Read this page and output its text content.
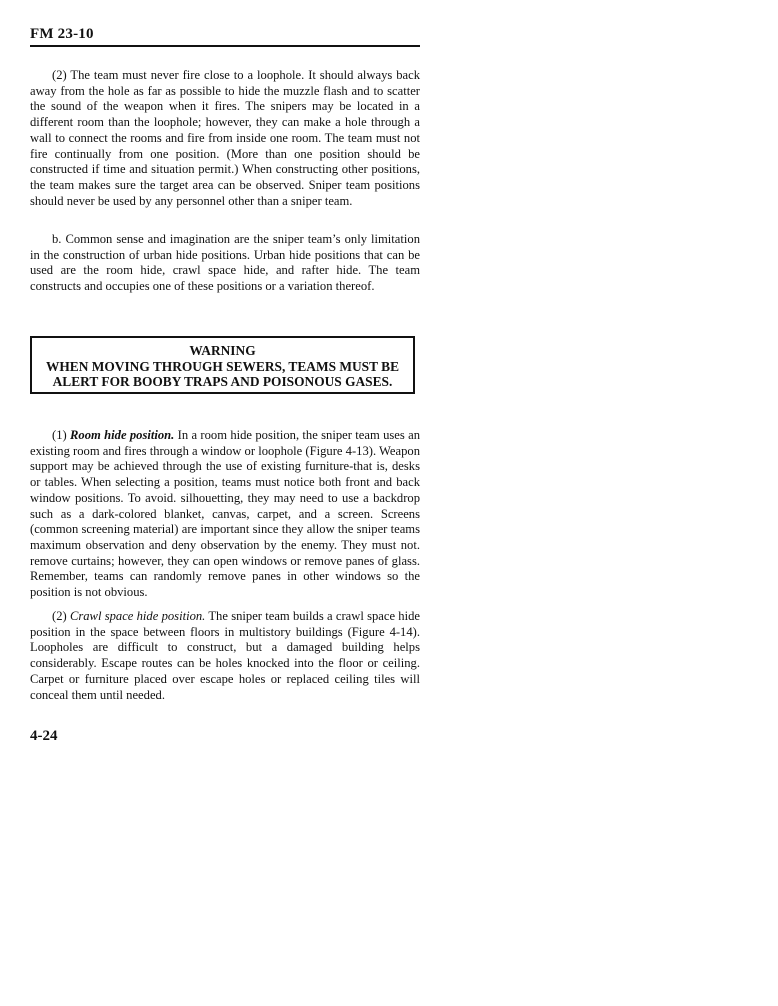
FM 23-10

(2) The team must never fire close to a loophole. It should always back away from the hole as far as possible to hide the muzzle flash and to scatter the sound of the weapon when it fires. The snipers may be located in a different room than the loophole; however, they can make a hole through a wall to connect the rooms and fire from inside one room. The team must not fire continually from one position. (More than one position should be constructed if time and situation permit.) When constructing other positions, the team makes sure the target area can be observed. Sniper team positions should never be used by any personnel other than a sniper team.

b. Common sense and imagination are the sniper team’s only limitation in the construction of urban hide positions. Urban hide positions that can be used are the room hide, crawl space hide, and rafter hide. The team constructs and occupies one of these positions or a variation thereof.

WARNING
WHEN MOVING THROUGH SEWERS, TEAMS MUST BE
ALERT FOR BOOBY TRAPS AND POISONOUS GASES.

(1) Room hide position. In a room hide position, the sniper team uses an existing room and fires through a window or loophole (Figure 4-13). Weapon support may be achieved through the use of existing furniture-that is, desks or tables. When selecting a position, teams must notice both front and back window positions. To avoid. silhouetting, they may need to use a backdrop such as a dark-colored blanket, canvas, carpet, and a screen. Screens (common screening material) are important since they allow the sniper teams maximum observation and deny observation by the enemy. They must not. remove curtains; however, they can open windows or remove panes of glass. Remember, teams can randomly remove panes in other windows so the position is not obvious.

(2) Crawl space hide position. The sniper team builds a crawl space hide position in the space between floors in multistory buildings (Figure 4-14). Loopholes are difficult to construct, but a damaged building helps considerably. Escape routes can be holes knocked into the floor or ceiling. Carpet or furniture placed over escape holes or replaced ceiling tiles will conceal them until needed.

4-24
